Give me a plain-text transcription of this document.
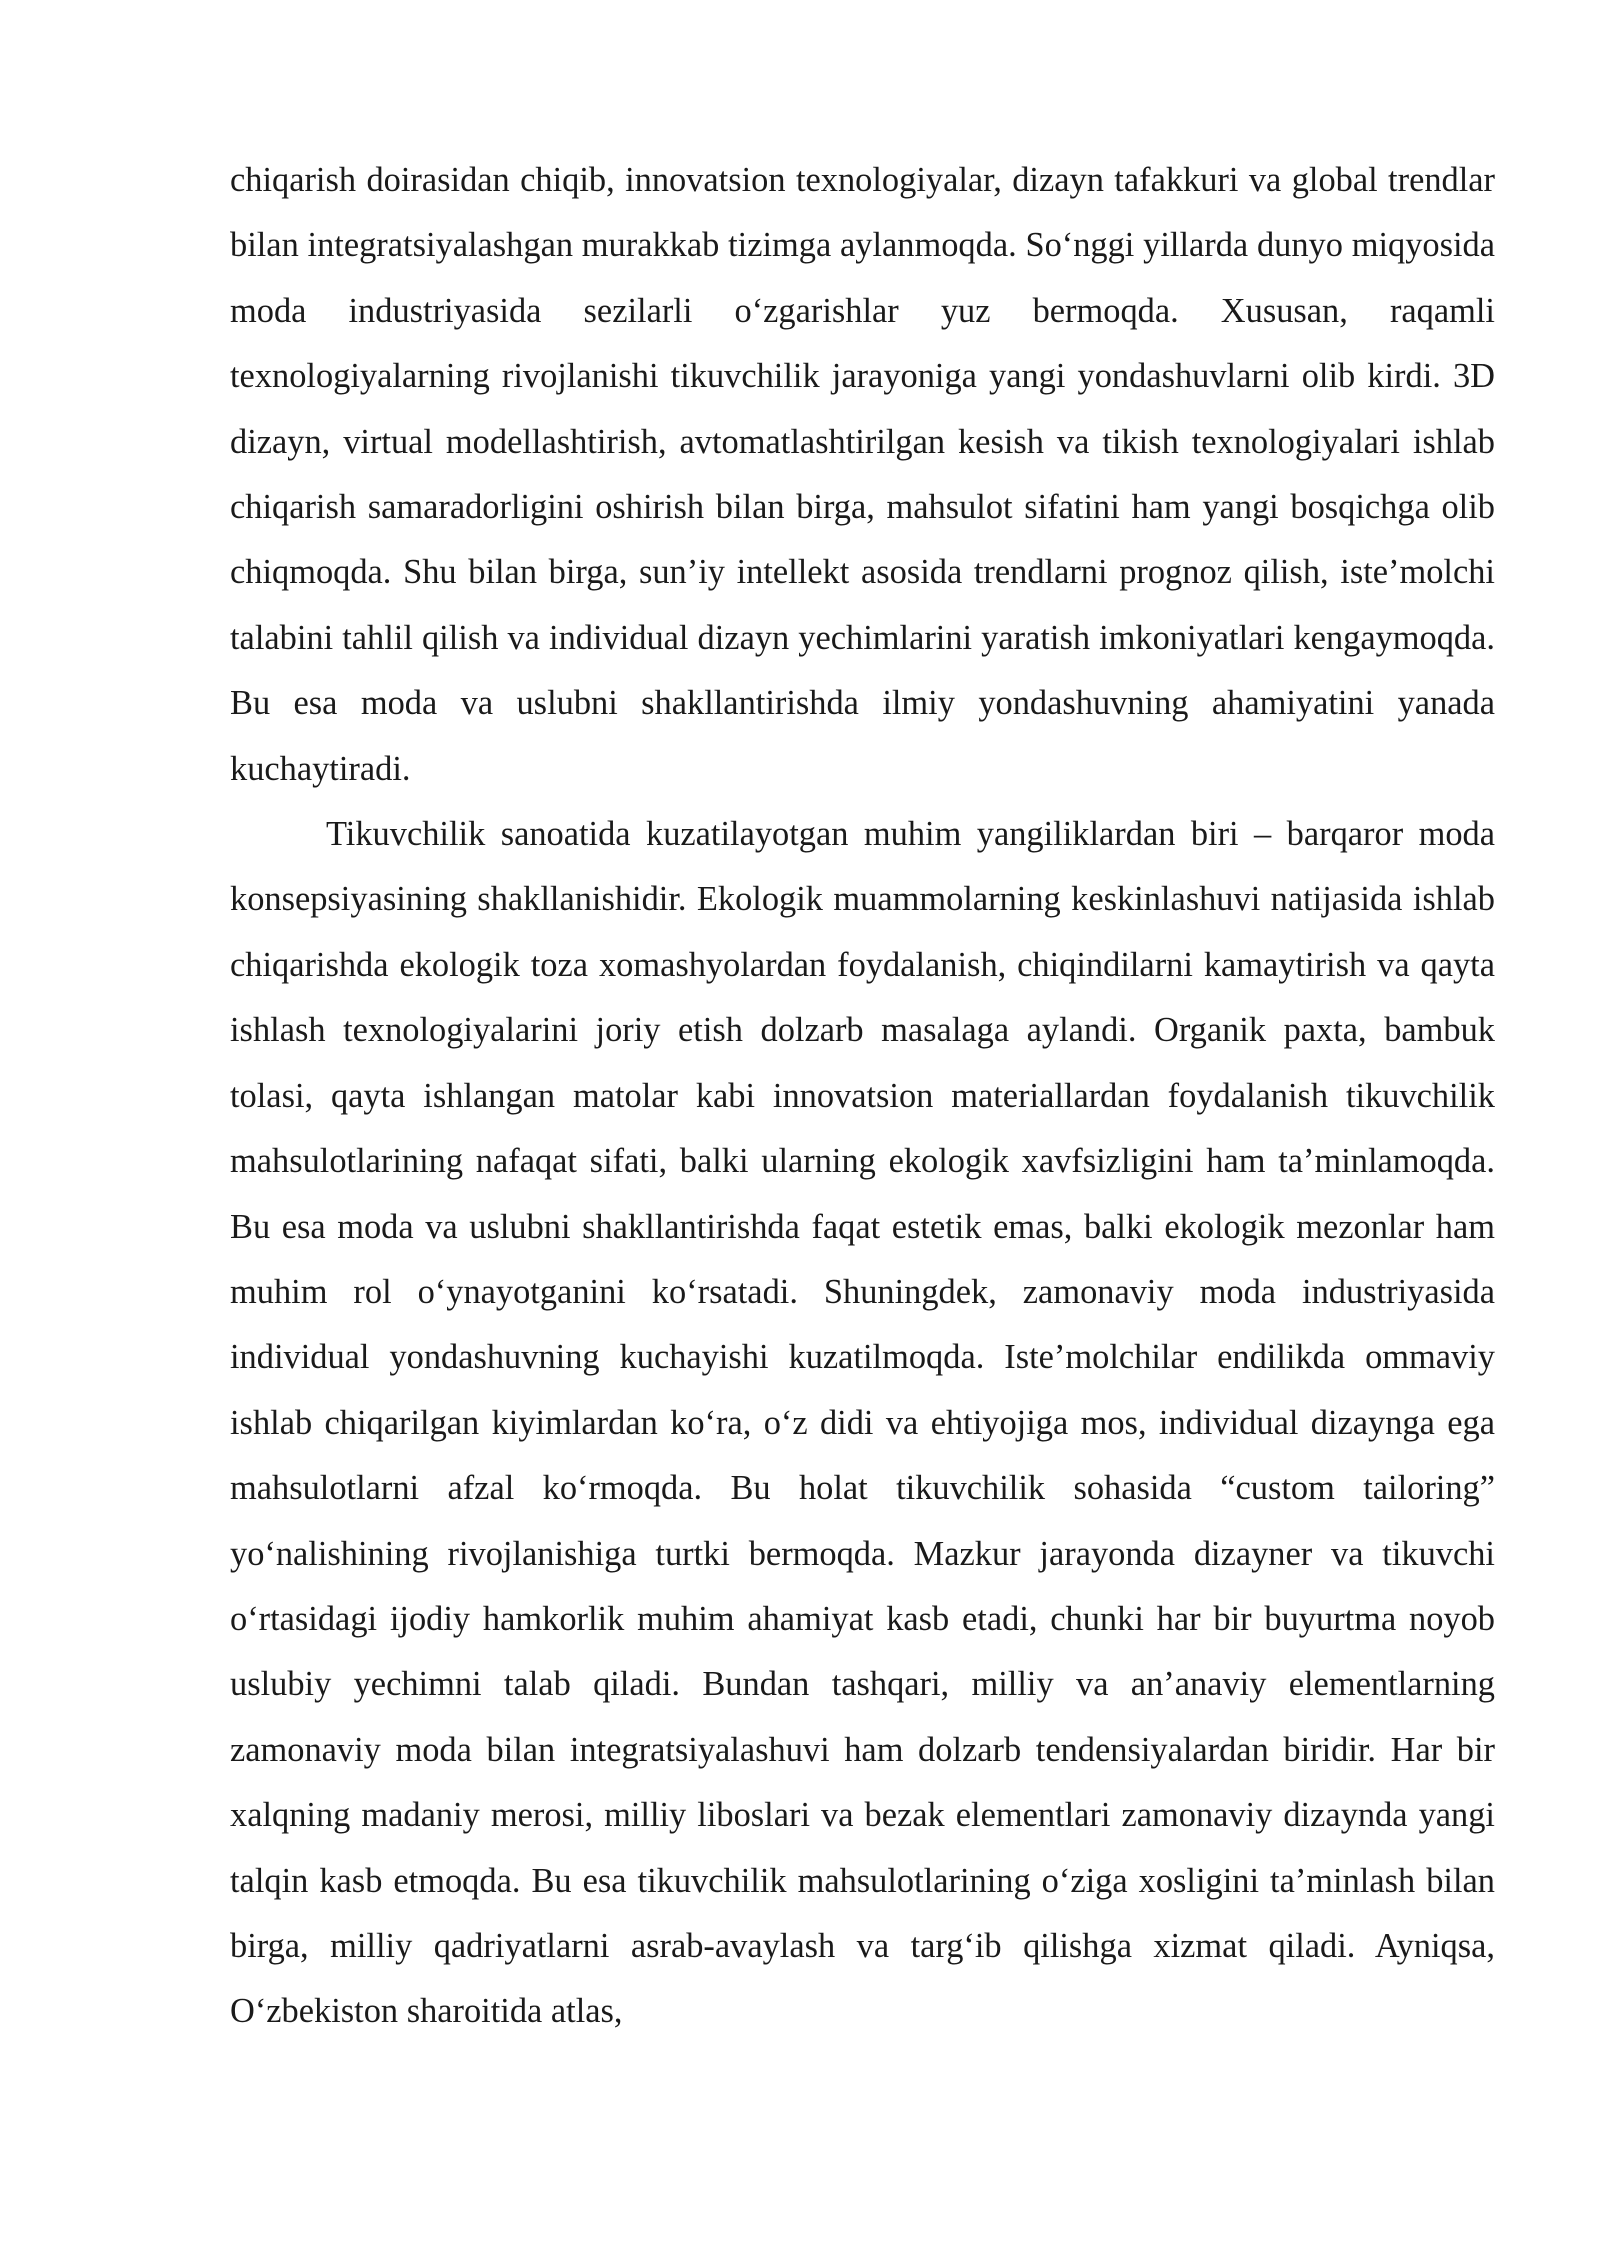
chiqarish doirasidan chiqib, innovatsion texnologiyalar, dizayn tafakkuri va global trendlar bilan integratsiyalashgan murakkab tizimga aylanmoqda. So‘nggi yillarda dunyo miqyosida moda industriyasida sezilarli o‘zgarishlar yuz bermoqda. Xususan, raqamli texnologiyalarning rivojlanishi tikuvchilik jarayoniga yangi yondashuvlarni olib kirdi. 3D dizayn, virtual modellashtirish, avtomatlashtirilgan kesish va tikish texnologiyalari ishlab chiqarish samaradorligini oshirish bilan birga, mahsulot sifatini ham yangi bosqichga olib chiqmoqda. Shu bilan birga, sun’iy intellekt asosida trendlarni prognoz qilish, iste’molchi talabini tahlil qilish va individual dizayn yechimlarini yaratish imkoniyatlari kengaymoqda. Bu esa moda va uslubni shakllantirishda ilmiy yondashuvning ahamiyatini yanada kuchaytiradi.

Tikuvchilik sanoatida kuzatilayotgan muhim yangiliklardan biri – barqaror moda konsepsiyasining shakllanishidir. Ekologik muammolarning keskinlashuvi natijasida ishlab chiqarishda ekologik toza xomashyolardan foydalanish, chiqindilarni kamaytirish va qayta ishlash texnologiyalarini joriy etish dolzarb masalaga aylandi. Organik paxta, bambuk tolasi, qayta ishlangan matolar kabi innovatsion materiallardan foydalanish tikuvchilik mahsulotlarining nafaqat sifati, balki ularning ekologik xavfsizligini ham ta’minlamoqda. Bu esa moda va uslubni shakllantirishda faqat estetik emas, balki ekologik mezonlar ham muhim rol o‘ynayotganini ko‘rsatadi. Shuningdek, zamonaviy moda industriyasida individual yondashuvning kuchayishi kuzatilmoqda. Iste’molchilar endilikda ommaviy ishlab chiqarilgan kiyimlardan ko‘ra, o‘z didi va ehtiyojiga mos, individual dizaynga ega mahsulotlarni afzal ko‘rmoqda. Bu holat tikuvchilik sohasida “custom tailoring” yo‘nalishining rivojlanishiga turtki bermoqda. Mazkur jarayonda dizayner va tikuvchi o‘rtasidagi ijodiy hamkorlik muhim ahamiyat kasb etadi, chunki har bir buyurtma noyob uslubiy yechimni talab qiladi. Bundan tashqari, milliy va an’anaviy elementlarning zamonaviy moda bilan integratsiyalashuvi ham dolzarb tendensiyalardan biridir. Har bir xalqning madaniy merosi, milliy liboslari va bezak elementlari zamonaviy dizaynda yangi talqin kasb etmoqda. Bu esa tikuvchilik mahsulotlarining o‘ziga xosligini ta’minlash bilan birga, milliy qadriyatlarni asrab-avaylash va targ‘ib qilishga xizmat qiladi. Ayniqsa, O‘zbekiston sharoitida atlas,
